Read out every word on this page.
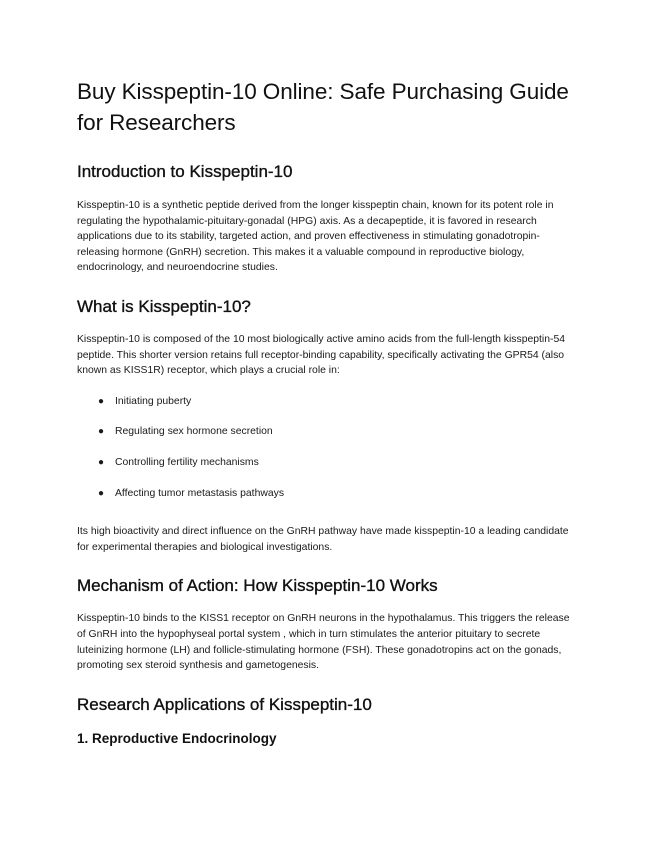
Buy Kisspeptin-10 Online: Safe Purchasing Guide for Researchers
Introduction to Kisspeptin-10

Kisspeptin-10 is a synthetic peptide derived from the longer kisspeptin chain, known for its potent role in regulating the hypothalamic-pituitary-gonadal (HPG) axis. As a decapeptide, it is favored in research applications due to its stability, targeted action, and proven effectiveness in stimulating gonadotropin-releasing hormone (GnRH) secretion. This makes it a valuable compound in reproductive biology, endocrinology, and neuroendocrine studies.

What is Kisspeptin-10?

Kisspeptin-10 is composed of the 10 most biologically active amino acids from the full-length kisspeptin-54 peptide. This shorter version retains full receptor-binding capability, specifically activating the GPR54 (also known as KISS1R) receptor, which plays a crucial role in:

● Initiating puberty
● Regulating sex hormone secretion
● Controlling fertility mechanisms
● Affecting tumor metastasis pathways

Its high bioactivity and direct influence on the GnRH pathway have made kisspeptin-10 a leading candidate for experimental therapies and biological investigations.

Mechanism of Action: How Kisspeptin-10 Works

Kisspeptin-10 binds to the KISS1 receptor on GnRH neurons in the hypothalamus. This triggers the release of GnRH into the hypophyseal portal system , which in turn stimulates the anterior pituitary to secrete luteinizing hormone (LH) and follicle-stimulating hormone (FSH). These gonadotropins act on the gonads, promoting sex steroid synthesis and gametogenesis.

Research Applications of Kisspeptin-10
1. Reproductive Endocrinology
